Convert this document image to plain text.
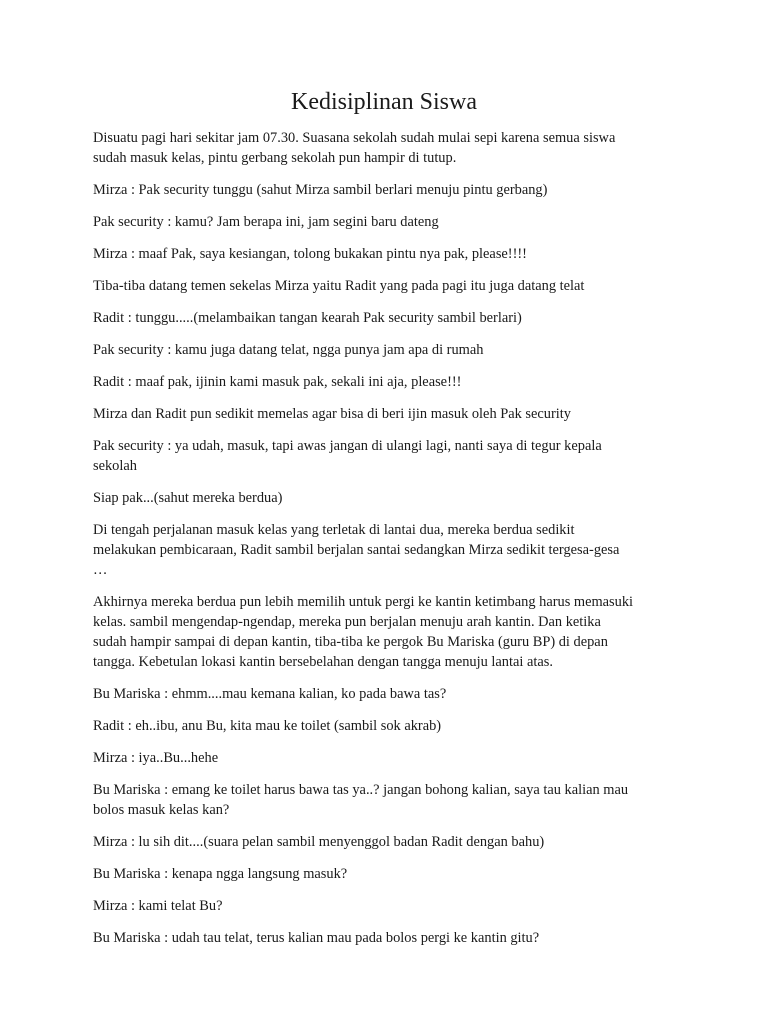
Kedisiplinan Siswa

Disuatu pagi hari sekitar jam 07.30. Suasana sekolah sudah mulai sepi karena semua siswa
sudah masuk kelas, pintu gerbang sekolah pun hampir di tutup.

Mirza : Pak security tunggu (sahut Mirza sambil berlari menuju pintu gerbang)

Pak security : kamu? Jam berapa ini, jam segini baru dateng

Mirza : maaf Pak, saya kesiangan, tolong bukakan pintu nya pak, please!!!!

Tiba-tiba datang temen sekelas Mirza yaitu Radit yang pada pagi itu juga datang telat

Radit : tunggu.....(melambaikan tangan kearah Pak security sambil berlari)

Pak security : kamu juga datang telat, ngga punya jam apa di rumah

Radit : maaf pak, ijinin kami masuk pak, sekali ini aja, please!!!

Mirza dan Radit pun sedikit memelas agar bisa di beri ijin masuk oleh Pak security

Pak security : ya udah, masuk, tapi awas jangan di ulangi lagi, nanti saya di tegur kepala
sekolah

Siap pak...(sahut mereka berdua)

Di tengah perjalanan masuk kelas yang terletak di lantai dua, mereka berdua sedikit
melakukan pembicaraan, Radit sambil berjalan santai sedangkan Mirza sedikit tergesa-gesa
…

Akhirnya mereka berdua pun lebih memilih untuk pergi ke kantin ketimbang harus memasuki
kelas. sambil mengendap-ngendap, mereka pun berjalan menuju arah kantin. Dan ketika
sudah hampir sampai di depan kantin, tiba-tiba ke pergok Bu Mariska (guru BP) di depan
tangga. Kebetulan lokasi kantin bersebelahan dengan tangga menuju lantai atas.

Bu Mariska : ehmm....mau kemana kalian, ko pada bawa tas?

Radit : eh..ibu, anu Bu, kita mau ke toilet (sambil sok akrab)

Mirza : iya..Bu...hehe

Bu Mariska : emang ke toilet harus bawa tas ya..? jangan bohong kalian, saya tau kalian mau
bolos masuk kelas kan?

Mirza : lu sih dit....(suara pelan sambil menyenggol badan Radit dengan bahu)

Bu Mariska : kenapa ngga langsung masuk?

Mirza : kami telat Bu?

Bu Mariska : udah tau telat, terus kalian mau pada bolos pergi ke kantin gitu?
